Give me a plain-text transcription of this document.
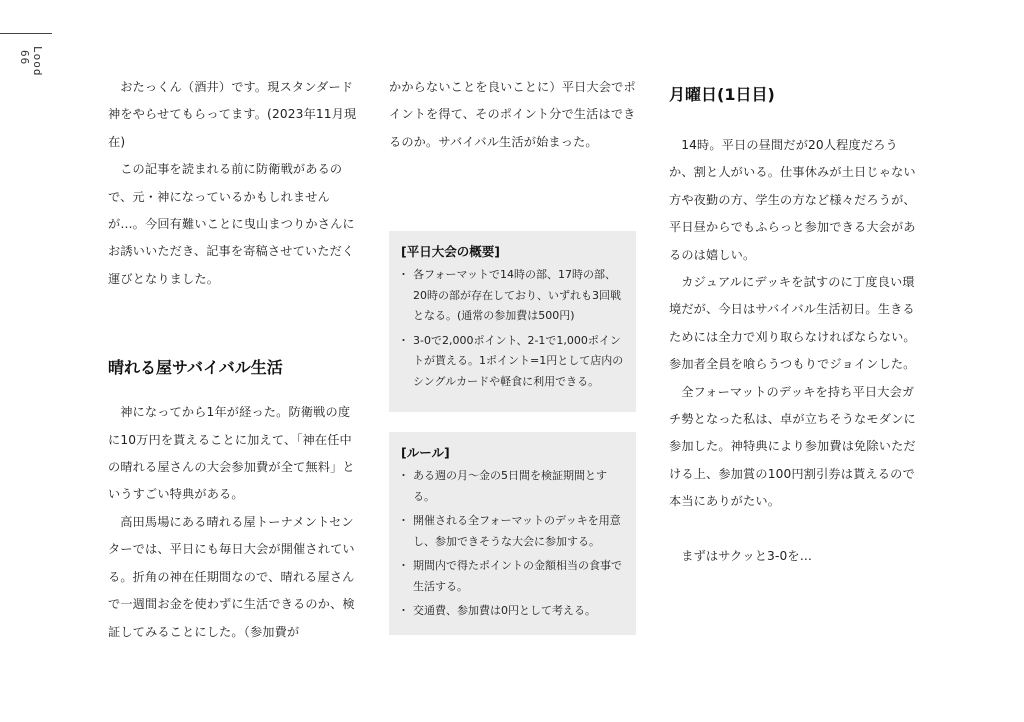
Lood 66

おたっくん（酒井）です。現スタンダード神をやらせてもらってます。(2023年11月現在)

この記事を読まれる前に防衛戦があるので、元・神になっているかもしれませんが…。今回有難いことに曳山まつりかさんにお誘いいただき、記事を寄稿させていただく運びとなりました。

晴れる屋サバイバル生活

神になってから1年が経った。防衛戦の度に10万円を貰えることに加えて、「神在任中の晴れる屋さんの大会参加費が全て無料」というすごい特典がある。

高田馬場にある晴れる屋トーナメントセンターでは、平日にも毎日大会が開催されている。折角の神在任期間なので、晴れる屋さんで一週間お金を使わずに生活できるのか、検証してみることにした。（参加費が

かからないことを良いことに）平日大会でポイントを得て、そのポイント分で生活はできるのか。サバイバル生活が始まった。

[平日大会の概要]
・ 各フォーマットで14時の部、17時の部、20時の部が存在しており、いずれも3回戦となる。(通常の参加費は500円)
・ 3-0で2,000ポイント、2-1で1,000ポイントが貰える。1ポイント=1円として店内のシングルカードや軽食に利用できる。
[ルール]
・ ある週の月〜金の5日間を検証期間とする。
・ 開催される全フォーマットのデッキを用意し、参加できそうな大会に参加する。
・ 期間内で得たポイントの金額相当の食事で生活する。
・ 交通費、参加費は0円として考える。
月曜日(1日目)

14時。平日の昼間だが20人程度だろうか、割と人がいる。仕事休みが土日じゃない方や夜勤の方、学生の方など様々だろうが、平日昼からでもふらっと参加できる大会があるのは嬉しい。

カジュアルにデッキを試すのに丁度良い環境だが、今日はサバイバル生活初日。生きるためには全力で刈り取らなければならない。参加者全員を喰らうつもりでジョインした。

全フォーマットのデッキを持ち平日大会ガチ勢となった私は、卓が立ちそうなモダンに参加した。神特典により参加費は免除いただける上、参加賞の100円割引券は貰えるので本当にありがたい。

まずはサクッと3-0を…
